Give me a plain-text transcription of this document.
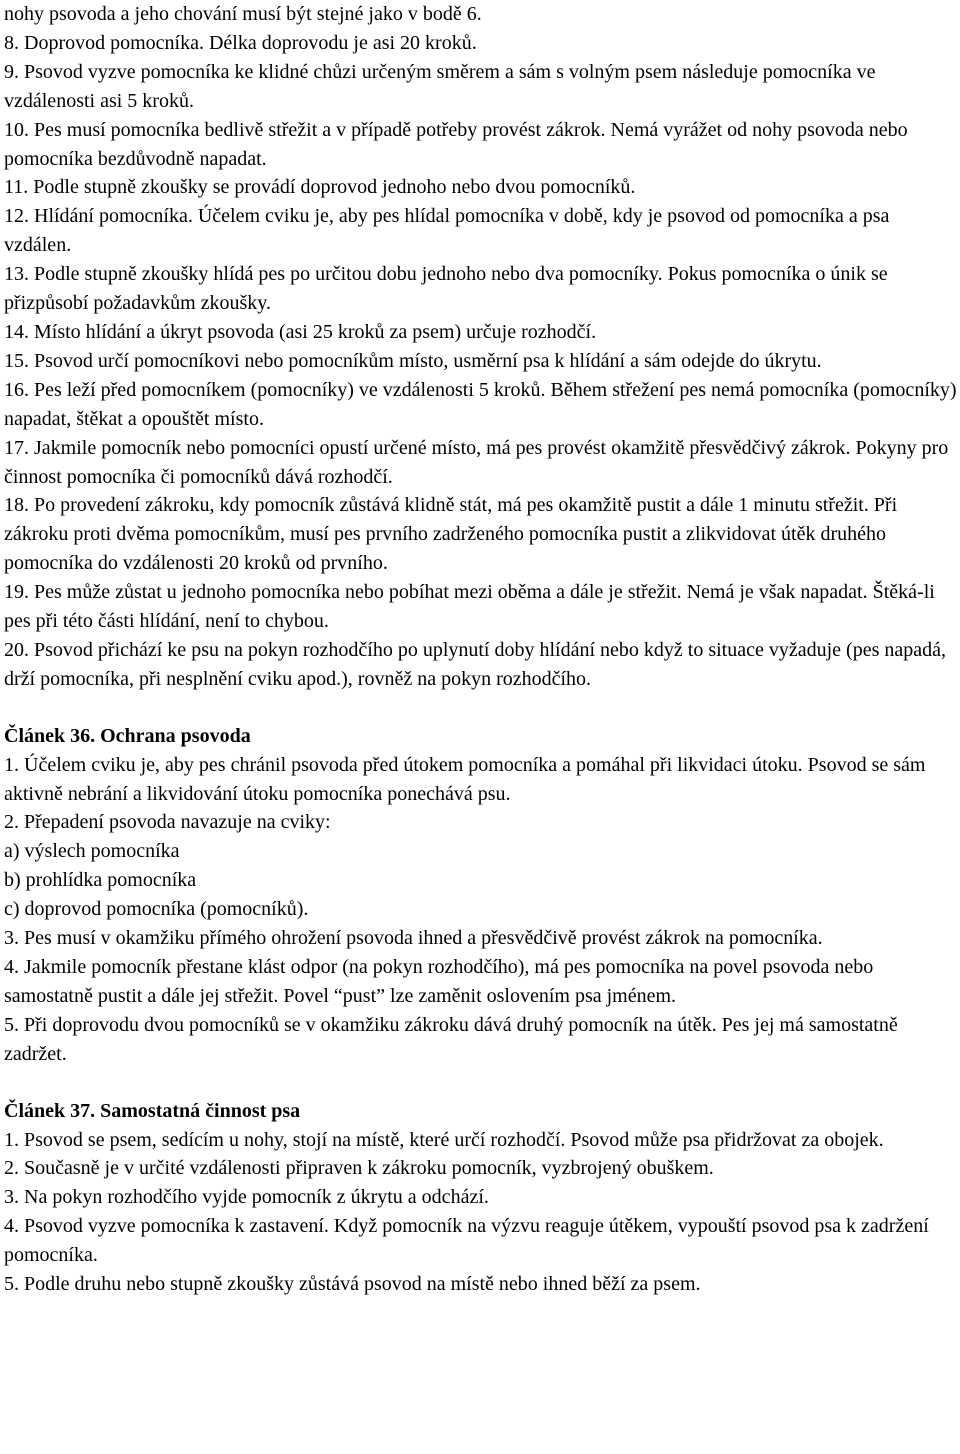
nohy psovoda a jeho chování musí být stejné jako v bodě 6.

8. Doprovod pomocníka. Délka doprovodu je asi 20 kroků.

9. Psovod vyzve pomocníka ke klidné chůzi určeným směrem a sám s volným psem následuje pomocníka ve vzdálenosti asi 5 kroků.

10. Pes musí pomocníka bedlivě střežit a v případě potřeby provést zákrok. Nemá vyrážet od nohy psovoda nebo pomocníka bezdůvodně napadat.

11. Podle stupně zkoušky se provádí doprovod jednoho nebo dvou pomocníků.

12. Hlídání pomocníka. Účelem cviku je, aby pes hlídal pomocníka v době, kdy je psovod od pomocníka a psa vzdálen.

13. Podle stupně zkoušky hlídá pes po určitou dobu jednoho nebo dva pomocníky. Pokus pomocníka o únik se přizpůsobí požadavkům zkoušky.

14. Místo hlídání a úkryt psovoda (asi 25 kroků za psem) určuje rozhodčí.

15. Psovod určí pomocníkovi nebo pomocníkům místo, usměrní psa k hlídání a sám odejde do úkrytu.

16. Pes leží před pomocníkem (pomocníky) ve vzdálenosti 5 kroků. Během střežení pes nemá pomocníka (pomocníky) napadat, štěkat a opouštět místo.

17. Jakmile pomocník nebo pomocníci opustí určené místo, má pes provést okamžitě přesvědčivý zákrok. Pokyny pro činnost pomocníka či pomocníků dává rozhodčí.

18. Po provedení zákroku, kdy pomocník zůstává klidně stát, má pes okamžitě pustit a dále 1 minutu střežit. Při zákroku proti dvěma pomocníkům, musí pes prvního zadrženého pomocníka pustit a zlikvidovat útěk druhého pomocníka do vzdálenosti 20 kroků od prvního.

19. Pes může zůstat u jednoho pomocníka nebo pobíhat mezi oběma a dále je střežit. Nemá je však napadat. Štěká-li pes při této části hlídání, není to chybou.

20. Psovod přichází ke psu na pokyn rozhodčího po uplynutí doby hlídání nebo když to situace vyžaduje (pes napadá, drží pomocníka, při nesplnění cviku apod.), rovněž na pokyn rozhodčího.

Článek 36. Ochrana psovoda

1. Účelem cviku je, aby pes chránil psovoda před útokem pomocníka a pomáhal při likvidaci útoku. Psovod se sám aktivně nebrání a likvidování útoku pomocníka ponechává psu.

2. Přepadení psovoda navazuje na cviky:

a) výslech pomocníka

b) prohlídka pomocníka

c) doprovod pomocníka (pomocníků).

3. Pes musí v okamžiku přímého ohrožení psovoda ihned a přesvědčivě provést zákrok na pomocníka.

4. Jakmile pomocník přestane klást odpor (na pokyn rozhodčího), má pes pomocníka na povel psovoda nebo samostatně pustit a dále jej střežit. Povel “pust” lze zaměnit oslovením psa jménem.

5. Při doprovodu dvou pomocníků se v okamžiku zákroku dává druhý pomocník na útěk. Pes jej má samostatně zadržet.

Článek 37. Samostatná činnost psa

1. Psovod se psem, sedícím u nohy, stojí na místě, které určí rozhodčí. Psovod může psa přidržovat za obojek.

2. Současně je v určité vzdálenosti připraven k zákroku pomocník, vyzbrojený obuškem.

3. Na pokyn rozhodčího vyjde pomocník z úkrytu a odchází.

4. Psovod vyzve pomocníka k zastavení. Když pomocník na výzvu reaguje útěkem, vypouští psovod psa k zadržení pomocníka.

5. Podle druhu nebo stupně zkoušky zůstává psovod na místě nebo ihned běží za psem.
